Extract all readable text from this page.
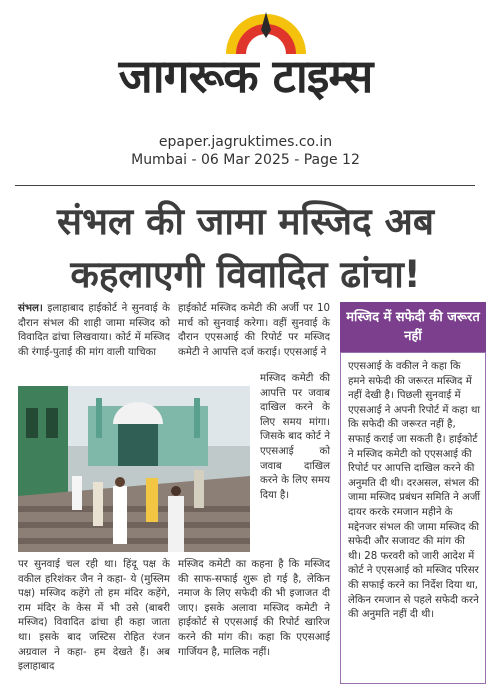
जागरूक टाइम्स
epaper.jagruktimes.co.in
Mumbai - 06 Mar 2025 - Page 12
संभल की जामा मस्जिद अब
कहलाएगी विवादित ढांचा!
संभल। इलाहाबाद हाईकोर्ट ने सुनवाई के दौरान संभल की शाही जामा मस्जिद को विवादित ढांचा लिखवाया। कोर्ट में मस्जिद की रंगाई-पुताई की मांग वाली याचिका
हाईकोर्ट मस्जिद कमेटी की अर्जी पर 10 मार्च को सुनवाई करेगा। वहीं सुनवाई के दौरान एएसआई की रिपोर्ट पर मस्जिद कमेटी ने आपत्ति दर्ज कराई। एएसआई ने
मस्जिद कमेटी की आपत्ति पर जवाब दाखिल करने के लिए समय मांगा। जिसके बाद कोर्ट ने एएसआई को जवाब दाखिल करने के लिए समय दिया है।
पर सुनवाई चल रही था। हिंदू पक्ष के वकील हरिशंकर जैन ने कहा- ये (मुस्लिम पक्ष) मस्जिद कहेंगे तो हम मंदिर कहेंगे, राम मंदिर के केस में भी उसे (बाबरी मस्जिद) विवादित ढांचा ही कहा जाता था। इसके बाद जस्टिस रोहित रंजन अग्रवाल ने कहा- हम देखते हैं। अब इलाहाबाद
मस्जिद कमेटी का कहना है कि मस्जिद की साफ-सफाई शुरू हो गई है, लेकिन नमाज के लिए सफेदी की भी इजाजत दी जाए। इसके अलावा मस्जिद कमेटी ने हाईकोर्ट से एएसआई की रिपोर्ट खारिज करने की मांग की। कहा कि एएसआई गार्जियन है, मालिक नहीं।
मस्जिद में सफेदी की जरूरत नहीं
एएसआई के वकील ने कहा कि हमने सफेदी की जरूरत मस्जिद में नहीं देखी है। पिछली सुनवाई में एएसआई ने अपनी रिपोर्ट में कहा था कि सफेदी की जरूरत नहीं है, सफाई कराई जा सकती है। हाईकोर्ट ने मस्जिद कमेटी को एएसआई की रिपोर्ट पर आपत्ति दाखिल करने की अनुमति दी थी। दरअसल, संभल की जामा मस्जिद प्रबंधन समिति ने अर्जी दायर करके रमजान महीने के मद्देनजर संभल की जामा मस्जिद की सफेदी और सजावट की मांग की थी। 28 फरवरी को जारी आदेश में कोर्ट ने एएसआई को मस्जिद परिसर की सफाई करने का निर्देश दिया था, लेकिन रमजान से पहले सफेदी करने की अनुमति नहीं दी थी।
